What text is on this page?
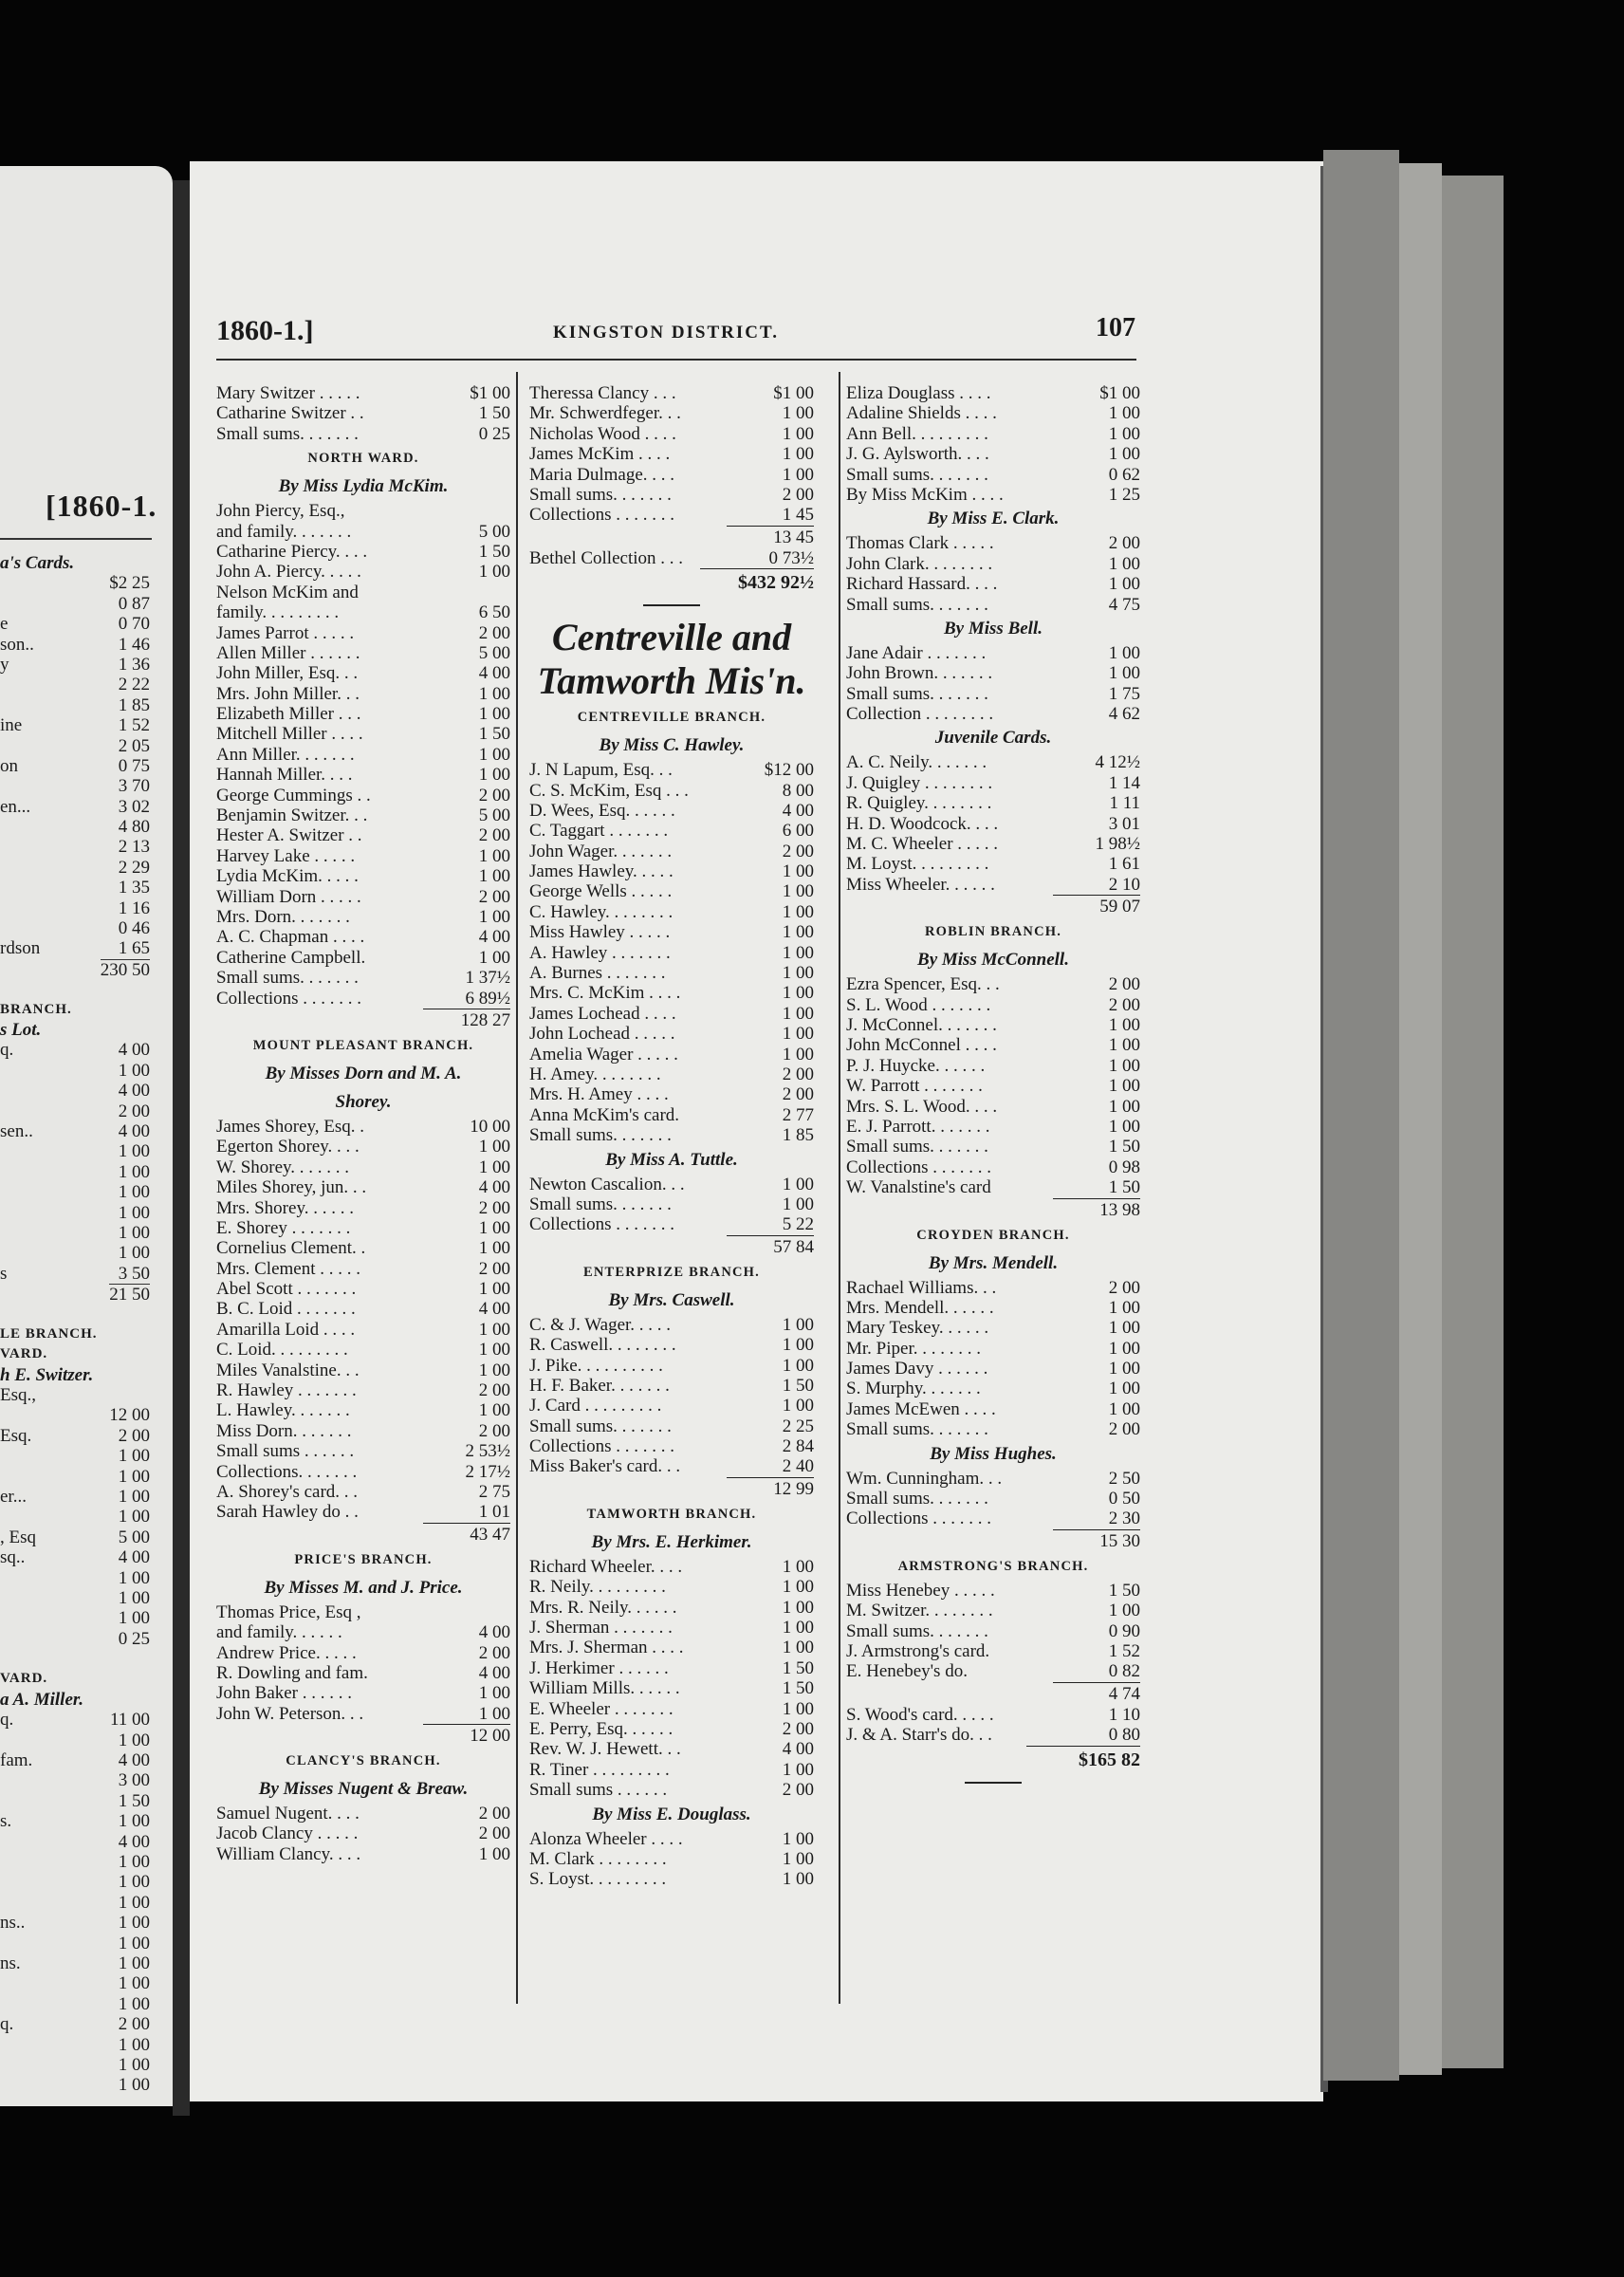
[1860-1.
a's Cards.
$2 25
0 87
e	0 70
son..	1 46
y	1 36
2 22
1 85
ine	1 52
2 05
on	0 75
3 70
en...	3 02
4 80
2 13
2 29
1 35
1 16
0 46
rdson	1 65
230 50
BRANCH.
s Lot.
q.	4 00
1 00
4 00
2 00
sen..	4 00
1 00
1 00
1 00
1 00
1 00
1 00
s	3 50
21 50
LE BRANCH.
VARD.
h E. Switzer.
Esq.,
12 00
Esq.	2 00
1 00
1 00
er...	1 00
1 00
, Esq	5 00
sq..	4 00
1 00
1 00
1 00
0 25
VARD.
a A. Miller.
q.	11 00
1 00
fam.	4 00
3 00
1 50
s.	1 00
4 00
1 00
1 00
1 00
ns..	1 00
1 00
ns.	1 00
1 00
1 00
q.	2 00
1 00
1 00
1 00
1860-1.]	KINGSTON DISTRICT.	107
Mary Switzer . . . . .	$1 00
Catharine Switzer . .	1 50
Small sums. . . . . . .	0 25
NORTH WARD.
By Miss Lydia McKim.
John Piercy, Esq.,
and family. . . . . . .	5 00
Catharine Piercy. . . .	1 50
John A. Piercy. . . . .	1 00
Nelson McKim and
family. . . . . . . . .	6 50
James Parrot . . . . .	2 00
Allen Miller . . . . . .	5 00
John Miller, Esq. . .	4 00
Mrs. John Miller. . .	1 00
Elizabeth Miller . . .	1 00
Mitchell Miller . . . .	1 50
Ann Miller. . . . . . .	1 00
Hannah Miller. . . .	1 00
George Cummings . .	2 00
Benjamin Switzer. . .	5 00
Hester A. Switzer . .	2 00
Harvey Lake . . . . .	1 00
Lydia McKim. . . . .	1 00
William Dorn . . . . .	2 00
Mrs. Dorn. . . . . . .	1 00
A. C. Chapman . . . .	4 00
Catherine Campbell.	1 00
Small sums. . . . . . .	1 37½
Collections . . . . . . .	6 89½
128 27
MOUNT PLEASANT BRANCH.
By Misses Dorn and M. A.
Shorey.
James Shorey, Esq. .	10 00
Egerton Shorey. . . .	1 00
W. Shorey. . . . . . .	1 00
Miles Shorey, jun. . .	4 00
Mrs. Shorey. . . . . .	2 00
E. Shorey . . . . . . .	1 00
Cornelius Clement. .	1 00
Mrs. Clement . . . . .	2 00
Abel Scott . . . . . . .	1 00
B. C. Loid . . . . . . .	4 00
Amarilla Loid . . . .	1 00
C. Loid. . . . . . . . .	1 00
Miles Vanalstine. . .	1 00
R. Hawley . . . . . . .	2 00
L. Hawley. . . . . . .	1 00
Miss Dorn. . . . . . .	2 00
Small sums . . . . . .	2 53½
Collections. . . . . . .	2 17½
A. Shorey's card. . .	2 75
Sarah Hawley do . .	1 01
43 47
PRICE'S BRANCH.
By Misses M. and J. Price.
Thomas Price, Esq ,
and family. . . . . .	4 00
Andrew Price. . . . .	2 00
R. Dowling and fam.	4 00
John Baker . . . . . .	1 00
John W. Peterson. . .	1 00
12 00
CLANCY'S BRANCH.
By Misses Nugent & Breaw.
Samuel Nugent. . . .	2 00
Jacob Clancy . . . . .	2 00
William Clancy. . . .	1 00
Theressa Clancy . . .	$1 00
Mr. Schwerdfeger. . .	1 00
Nicholas Wood . . . .	1 00
James McKim . . . .	1 00
Maria Dulmage. . . .	1 00
Small sums. . . . . . .	2 00
Collections . . . . . . .	1 45
13 45
Bethel Collection . . .	0 73½
$432 92½
Centreville and
Tamworth Mis'n.
CENTREVILLE BRANCH.
By Miss C. Hawley.
J. N Lapum, Esq. . .	$12 00
C. S. McKim, Esq . . .	8 00
D. Wees, Esq. . . . . .	4 00
C. Taggart . . . . . . .	6 00
John Wager. . . . . . .	2 00
James Hawley. . . . .	1 00
George Wells . . . . .	1 00
C. Hawley. . . . . . . .	1 00
Miss Hawley . . . . .	1 00
A. Hawley . . . . . . .	1 00
A. Burnes . . . . . . .	1 00
Mrs. C. McKim . . . .	1 00
James Lochead . . . .	1 00
John Lochead . . . . .	1 00
Amelia Wager . . . . .	1 00
H. Amey. . . . . . . .	2 00
Mrs. H. Amey . . . .	2 00
Anna McKim's card.	2 77
Small sums. . . . . . .	1 85
By Miss A. Tuttle.
Newton Cascalion. . .	1 00
Small sums. . . . . . .	1 00
Collections . . . . . . .	5 22
57 84
ENTERPRIZE BRANCH.
By Mrs. Caswell.
C. & J. Wager. . . . .	1 00
R. Caswell. . . . . . . .	1 00
J. Pike. . . . . . . . . .	1 00
H. F. Baker. . . . . . .	1 50
J. Card . . . . . . . . .	1 00
Small sums. . . . . . .	2 25
Collections . . . . . . .	2 84
Miss Baker's card. . .	2 40
12 99
TAMWORTH BRANCH.
By Mrs. E. Herkimer.
Richard Wheeler. . . .	1 00
R. Neily. . . . . . . . .	1 00
Mrs. R. Neily. . . . . .	1 00
J. Sherman . . . . . . .	1 00
Mrs. J. Sherman . . . .	1 00
J. Herkimer . . . . . .	1 50
William Mills. . . . . .	1 50
E. Wheeler . . . . . . .	1 00
E. Perry, Esq. . . . . .	2 00
Rev. W. J. Hewett. . .	4 00
R. Tiner . . . . . . . . .	1 00
Small sums . . . . . .	2 00
By Miss E. Douglass.
Alonza Wheeler . . . .	1 00
M. Clark . . . . . . . .	1 00
S. Loyst. . . . . . . . .	1 00
Eliza Douglass . . . .	$1 00
Adaline Shields . . . .	1 00
Ann Bell. . . . . . . . .	1 00
J. G. Aylsworth. . . .	1 00
Small sums. . . . . . .	0 62
By Miss McKim . . . .	1 25
By Miss E. Clark.
Thomas Clark . . . . .	2 00
John Clark. . . . . . . .	1 00
Richard Hassard. . . .	1 00
Small sums. . . . . . .	4 75
By Miss Bell.
Jane Adair . . . . . . .	1 00
John Brown. . . . . . .	1 00
Small sums. . . . . . .	1 75
Collection . . . . . . . .	4 62
Juvenile Cards.
A. C. Neily. . . . . . .	4 12½
J. Quigley . . . . . . . .	1 14
R. Quigley. . . . . . . .	1 11
H. D. Woodcock. . . .	3 01
M. C. Wheeler . . . . .	1 98½
M. Loyst. . . . . . . . .	1 61
Miss Wheeler. . . . . .	2 10
59 07
ROBLIN BRANCH.
By Miss McConnell.
Ezra Spencer, Esq. . .	2 00
S. L. Wood . . . . . . .	2 00
J. McConnel. . . . . . .	1 00
John McConnel . . . .	1 00
P. J. Huycke. . . . . .	1 00
W. Parrott . . . . . . .	1 00
Mrs. S. L. Wood. . . .	1 00
E. J. Parrott. . . . . . .	1 00
Small sums. . . . . . .	1 50
Collections . . . . . . .	0 98
W. Vanalstine's card	1 50
13 98
CROYDEN BRANCH.
By Mrs. Mendell.
Rachael Williams. . .	2 00
Mrs. Mendell. . . . . .	1 00
Mary Teskey. . . . . .	1 00
Mr. Piper. . . . . . . .	1 00
James Davy . . . . . .	1 00
S. Murphy. . . . . . .	1 00
James McEwen . . . .	1 00
Small sums. . . . . . .	2 00
By Miss Hughes.
Wm. Cunningham. . .	2 50
Small sums. . . . . . .	0 50
Collections . . . . . . .	2 30
15 30
ARMSTRONG'S BRANCH.
Miss Henebey . . . . .	1 50
M. Switzer. . . . . . . .	1 00
Small sums. . . . . . .	0 90
J. Armstrong's card.	1 52
E. Henebey's do.	0 82
4 74
S. Wood's card. . . . .	1 10
J. & A. Starr's do. . .	0 80
$165 82
